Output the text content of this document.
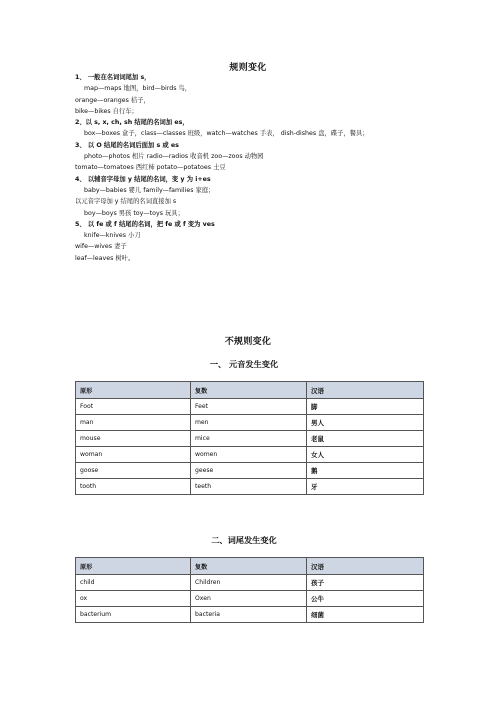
规则变化
1、 一般在名词词尾加 s，
map—maps 地图，bird—birds 鸟，
orange—oranges 桔子，
bike—bikes 自行车；
2、以 s, x, ch, sh 结尾的名词加 es，
box—boxes 盒子，class—classes 班级，watch—watches 手表， dish-dishes 盘，碟子，餐具；
3、 以 O 结尾的名词后面加 s 或 es
photo—photos 相片 radio—radios 收音机 zoo—zoos 动物园
tomato—tomatoes 西红柿 potato—potatoes 土豆
4、 以辅音字母加 y 结尾的名词，变 y 为 i+es
baby—babies 婴儿 family—families 家庭；
以元音字母加 y 结尾的名词直接加 s
boy—boys 男孩 toy—toys 玩具；
5、 以 fe 或 f 结尾的名词，把 fe 或 f 变为 ves
knife—knives 小刀
wife—wives 妻子
leaf—leaves 树叶。
不规则变化
一、 元音发生变化
原形	复数	汉语
Foot	Feet	脚
man	men	男人
mouse	mice	老鼠
woman	women	女人
goose	geese	鹅
tooth	teeth	牙
二、词尾发生变化
原形	复数	汉语
child	Children	孩子
ox	Oxen	公牛
bacterium	bacteria	细菌
